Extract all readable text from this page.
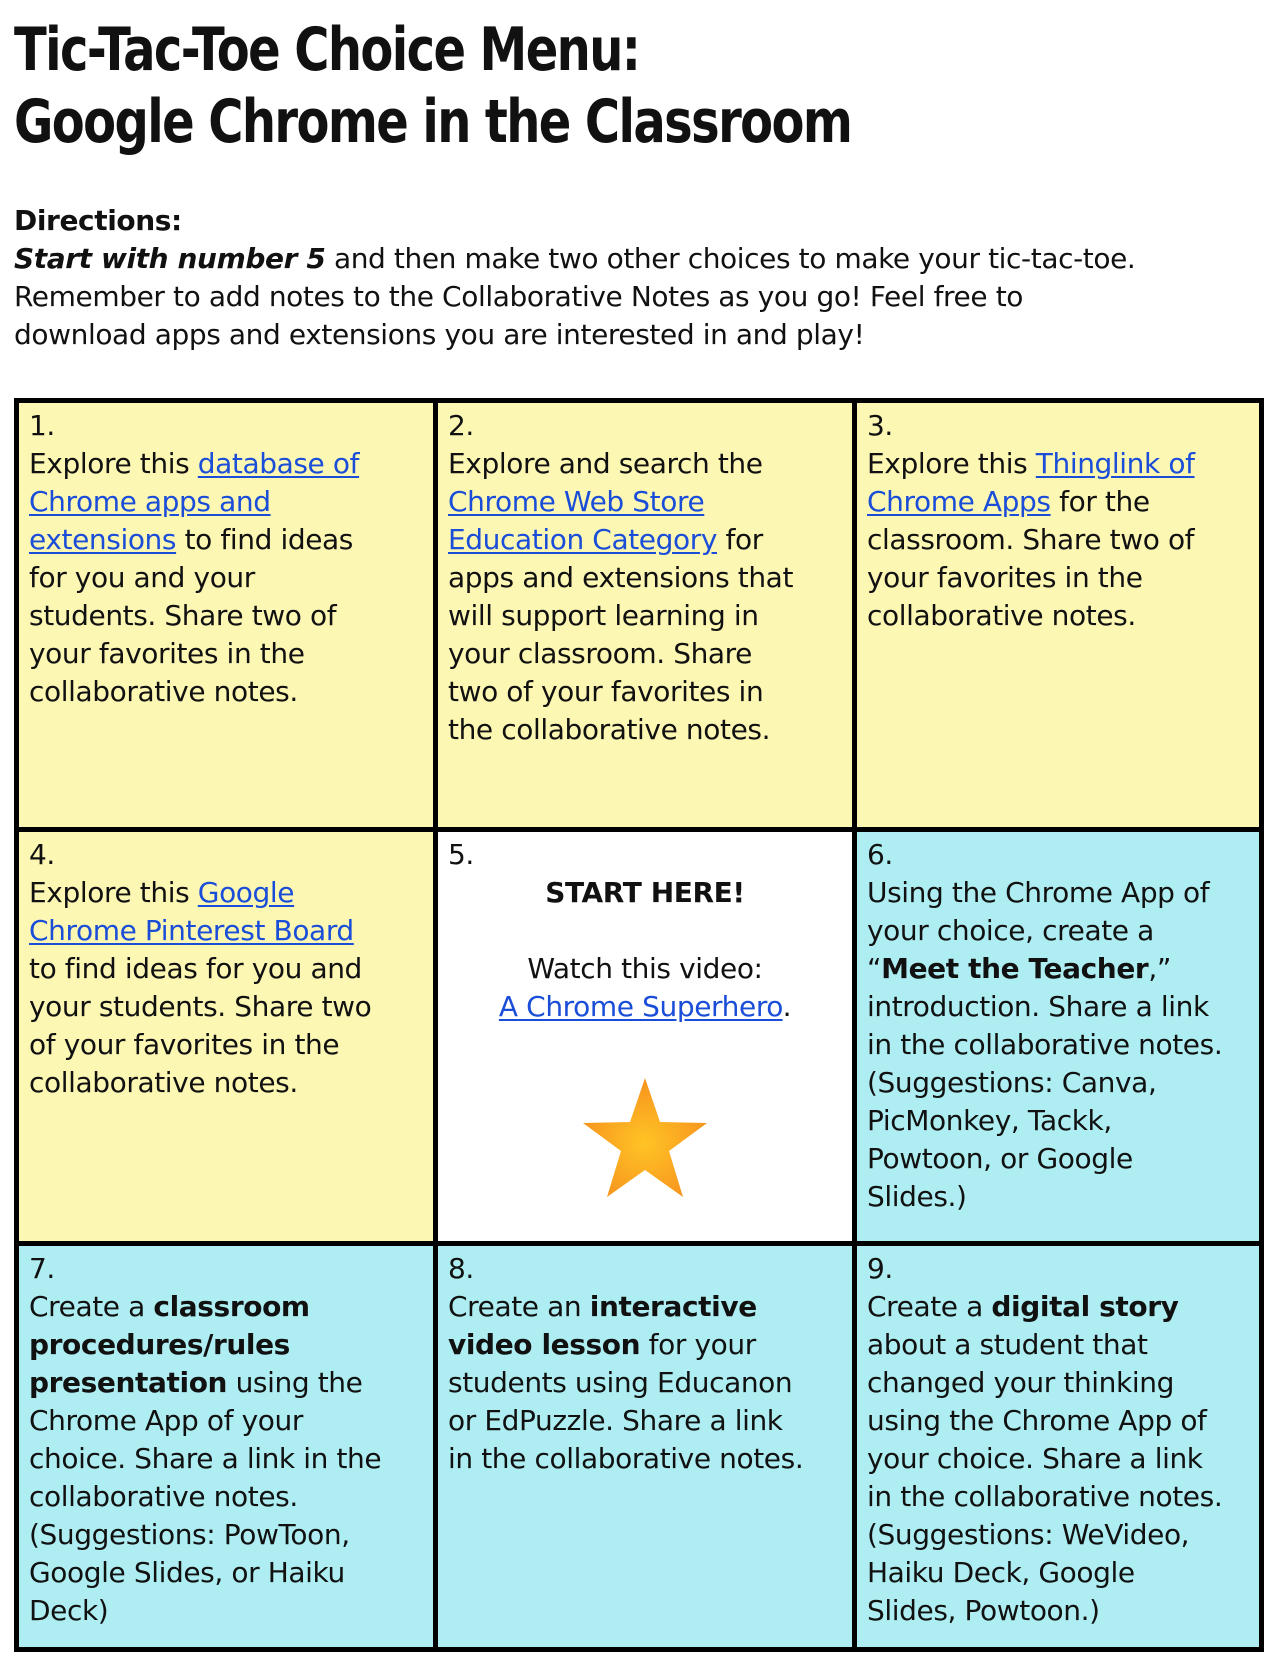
Tic-Tac-Toe Choice Menu:
Google Chrome in the Classroom
Directions:
Start with number 5 and then make two other choices to make your tic-tac-toe.
Remember to add notes to the Collaborative Notes as you go! Feel free to
download apps and extensions you are interested in and play!
1.
Explore this database of
Chrome apps and
extensions to find ideas
for you and your
students. Share two of
your favorites in the
collaborative notes.
2.
Explore and search the
Chrome Web Store
Education Category for
apps and extensions that
will support learning in
your classroom. Share
two of your favorites in
the collaborative notes.
3.
Explore this Thinglink of
Chrome Apps for the
classroom. Share two of
your favorites in the
collaborative notes.
4.
Explore this Google
Chrome Pinterest Board
to find ideas for you and
your students. Share two
of your favorites in the
collaborative notes.
5.
START HERE!
Watch this video:
A Chrome Superhero.
6.
Using the Chrome App of
your choice, create a
“Meet the Teacher,”
introduction. Share a link
in the collaborative notes.
(Suggestions: Canva,
PicMonkey, Tackk,
Powtoon, or Google
Slides.)
7.
Create a classroom
procedures/rules
presentation using the
Chrome App of your
choice. Share a link in the
collaborative notes.
(Suggestions: PowToon,
Google Slides, or Haiku
Deck)
8.
Create an interactive
video lesson for your
students using Educanon
or EdPuzzle. Share a link
in the collaborative notes.
9.
Create a digital story
about a student that
changed your thinking
using the Chrome App of
your choice. Share a link
in the collaborative notes.
(Suggestions: WeVideo,
Haiku Deck, Google
Slides, Powtoon.)
